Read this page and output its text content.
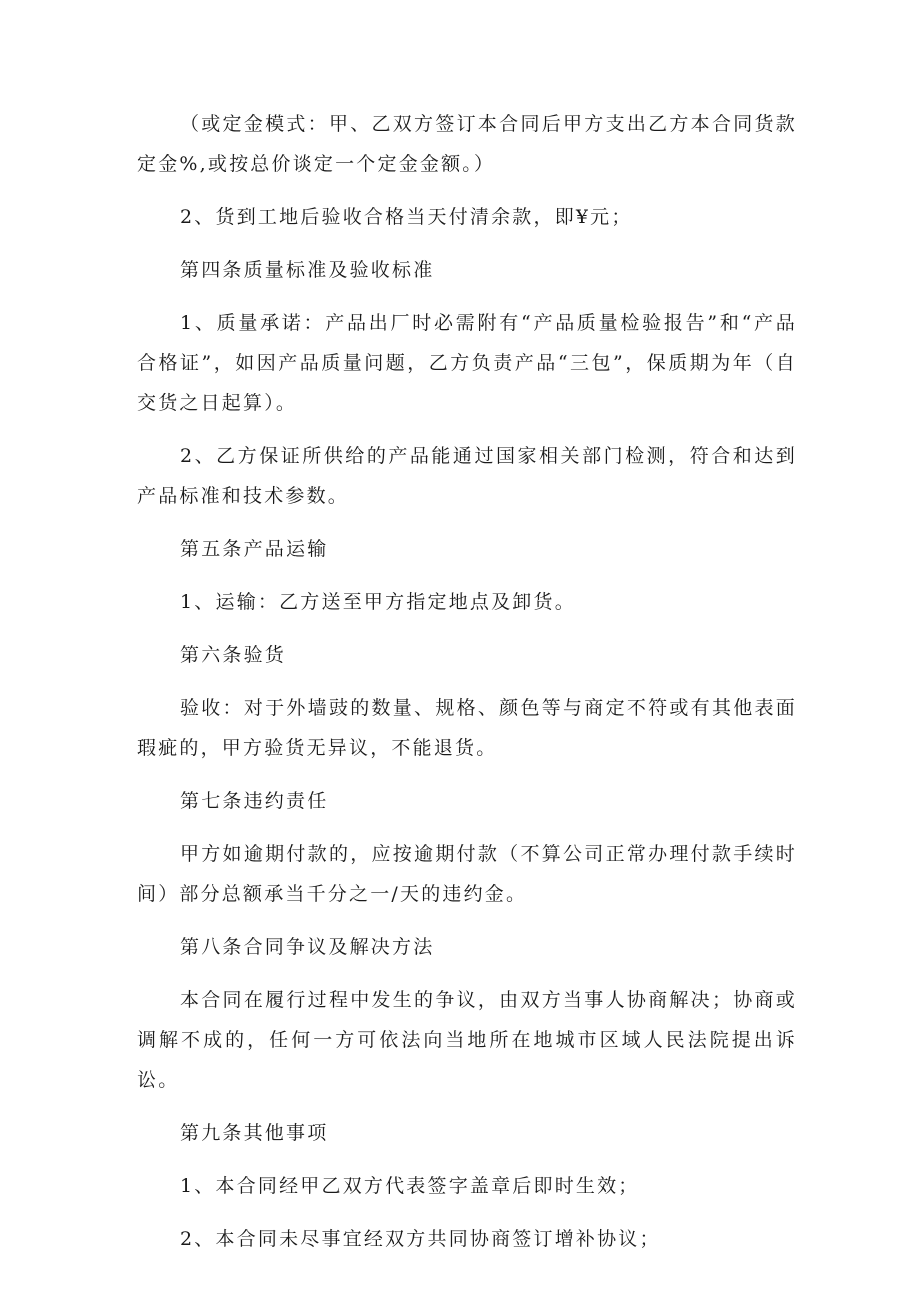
（或定金模式：甲、乙双方签订本合同后甲方支出乙方本合同货款定金%,或按总价谈定一个定金金额。）

2、货到工地后验收合格当天付清余款，即¥元；

第四条质量标准及验收标准

1、质量承诺：产品出厂时必需附有“产品质量检验报告”和“产品合格证”，如因产品质量问题，乙方负责产品“三包”，保质期为年（自交货之日起算）。

2、乙方保证所供给的产品能通过国家相关部门检测，符合和达到产品标准和技术参数。

第五条产品运输

1、运输：乙方送至甲方指定地点及卸货。

第六条验货

验收：对于外墙豉的数量、规格、颜色等与商定不符或有其他表面瑕疵的，甲方验货无异议，不能退货。

第七条违约责任

甲方如逾期付款的，应按逾期付款（不算公司正常办理付款手续时间）部分总额承当千分之一/天的违约金。

第八条合同争议及解决方法

本合同在履行过程中发生的争议，由双方当事人协商解决；协商或调解不成的，任何一方可依法向当地所在地城市区域人民法院提出诉讼。

第九条其他事项

1、本合同经甲乙双方代表签字盖章后即时生效；

2、本合同未尽事宜经双方共同协商签订增补协议；
